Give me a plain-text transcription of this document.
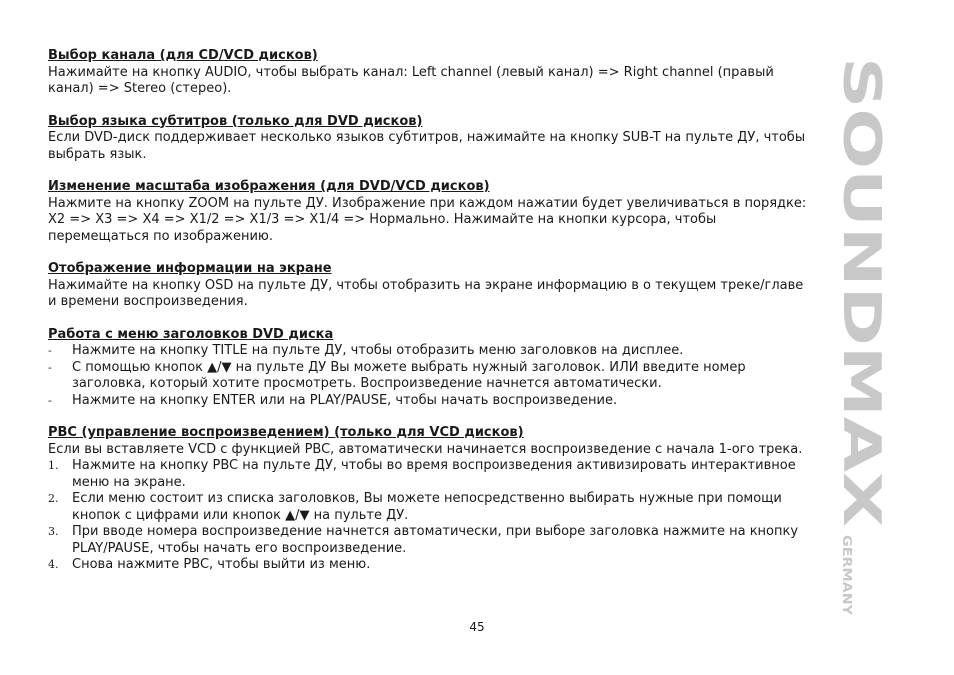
Выбор канала (для CD/VCD дисков)

Нажимайте на кнопку AUDIO, чтобы выбрать канал: Left channel (левый канал) => Right channel (правый канал) => Stereo (стерео).

Выбор языка субтитров (только для DVD дисков)

Если DVD-диск поддерживает несколько языков субтитров, нажимайте на кнопку SUB-T на пульте ДУ, чтобы выбрать язык.

Изменение масштаба изображения (для DVD/VCD дисков)

Нажмите на кнопку ZOOM на пульте ДУ. Изображение при каждом нажатии будет увеличиваться в порядке: X2 => X3 => X4 => X1/2 => X1/3 => X1/4 => Нормально. Нажимайте на кнопки курсора, чтобы перемещаться по изображению.

Отображение информации на экране

Нажимайте на кнопку OSD на пульте ДУ, чтобы отобразить на экране информацию в о текущем треке/главе и времени воспроизведения.

Работа с меню заголовков DVD диска
- Нажмите на кнопку TITLE на пульте ДУ, чтобы отобразить меню заголовков на дисплее.
- С помощью кнопок ▲/▼ на пульте ДУ Вы можете выбрать нужный заголовок. ИЛИ введите номер заголовка, который хотите просмотреть. Воспроизведение начнется автоматически.
- Нажмите на кнопку ENTER или на PLAY/PAUSE, чтобы начать воспроизведение.
PBC (управление воспроизведением) (только для VCD дисков)

Если вы вставляете VCD с функцией PBC, автоматически начинается воспроизведение с начала 1-ого трека.

1. Нажмите на кнопку PBC на пульте ДУ, чтобы во время воспроизведения активизировать интерактивное меню на экране.
2. Если меню состоит из списка заголовков, Вы можете непосредственно выбирать нужные при помощи кнопок с цифрами или кнопок ▲/▼ на пульте ДУ.
3. При вводе номера воспроизведение начнется автоматически, при выборе заголовка нажмите на кнопку PLAY/PAUSE, чтобы начать его воспроизведение.
4. Снова нажмите PBC, чтобы выйти из меню.
45
SOUNDMAX
GERMANY
